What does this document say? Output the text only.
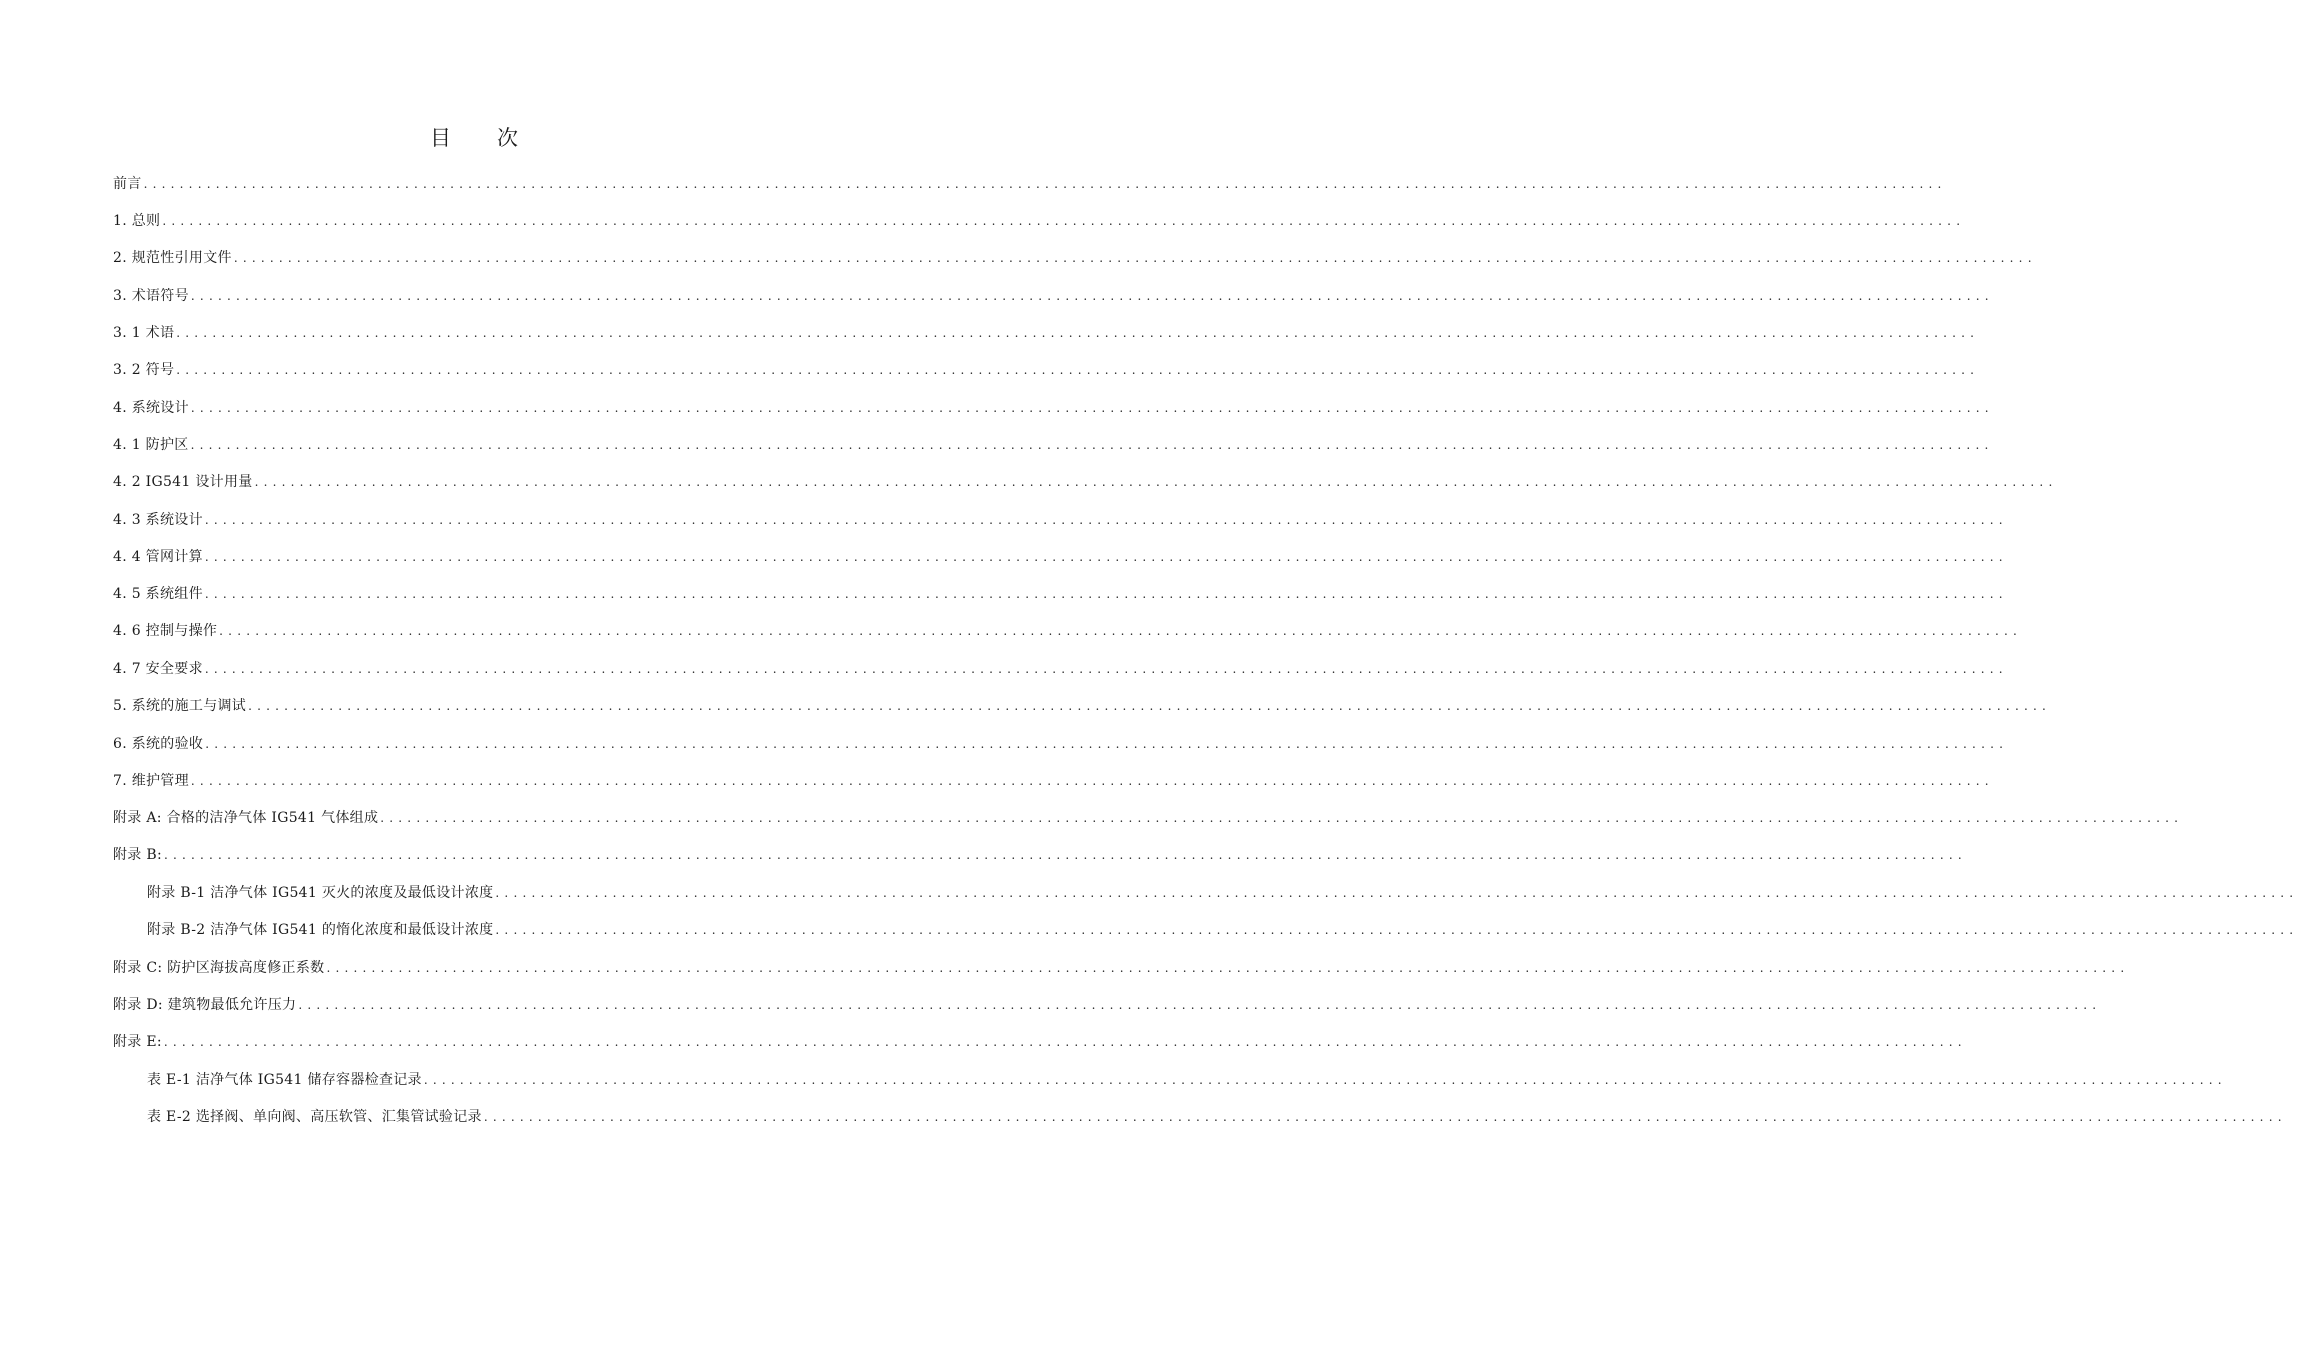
目 次
前言 ........................................................................................................................................................................................................
1. 总则 ........................................................................................................................................................................................................
2. 规范性引用文件 ........................................................................................................................................................................................................
3. 术语符号 ........................................................................................................................................................................................................
3. 1 术语 ........................................................................................................................................................................................................
3. 2 符号 ........................................................................................................................................................................................................
4. 系统设计 ........................................................................................................................................................................................................
4. 1 防护区 ........................................................................................................................................................................................................
4. 2 IG541 设计用量 ........................................................................................................................................................................................................
4. 3 系统设计 ........................................................................................................................................................................................................
4. 4 管网计算 ........................................................................................................................................................................................................
4. 5 系统组件 ........................................................................................................................................................................................................
4. 6 控制与操作 ........................................................................................................................................................................................................
4. 7 安全要求 ........................................................................................................................................................................................................
5. 系统的施工与调试 ........................................................................................................................................................................................................
6. 系统的验收 ........................................................................................................................................................................................................
7. 维护管理 ........................................................................................................................................................................................................
附录 A: 合格的洁净气体 IG541 气体组成 ........................................................................................................................................................................................................
附录 B: ........................................................................................................................................................................................................
附录 B-1 洁净气体 IG541 灭火的浓度及最低设计浓度 ........................................................................................................................................................................................................
附录 B-2 洁净气体 IG541 的惰化浓度和最低设计浓度 ........................................................................................................................................................................................................
附录 C: 防护区海拔高度修正系数 ........................................................................................................................................................................................................
附录 D: 建筑物最低允许压力 ........................................................................................................................................................................................................
附录 E: ........................................................................................................................................................................................................
表 E-1 洁净气体 IG541 储存容器检查记录 ........................................................................................................................................................................................................
表 E-2 选择阀、单向阀、高压软管、汇集管试验记录 ........................................................................................................................................................................................................
